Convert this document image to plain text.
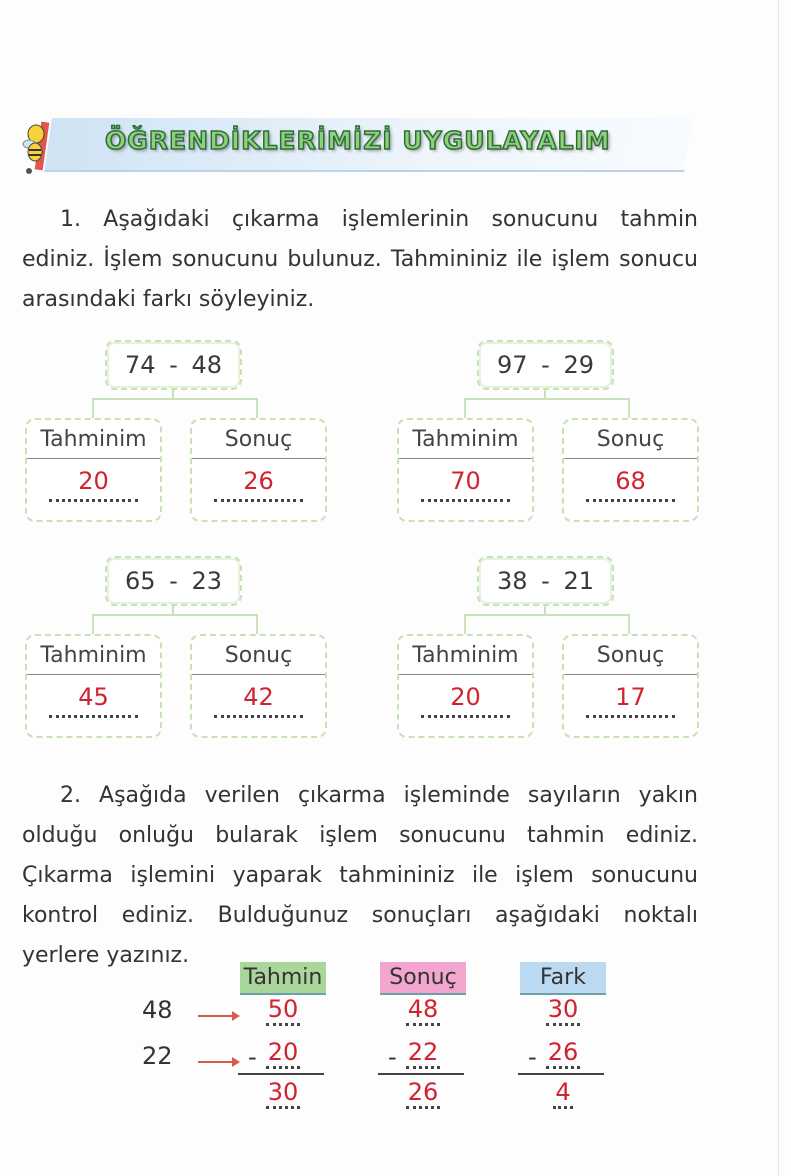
ÖĞRENDİKLERİMİZİ UYGULAYALIM
1. Aşağıdaki çıkarma işlemlerinin sonucunu tahmin ediniz. İşlem sonucunu bulunuz. Tahmininiz ile işlem sonucu arasındaki farkı söyleyiniz.
74 - 48
Tahminim
20
Sonuç
26
97 - 29
Tahminim
70
Sonuç
68
65 - 23
Tahminim
45
Sonuç
42
38 - 21
Tahminim
20
Sonuç
17
2. Aşağıda verilen çıkarma işleminde sayıların yakın olduğu onluğu bularak işlem sonucunu tahmin ediniz. Çıkarma işlemini yaparak tahmininiz ile işlem sonucunu kontrol ediniz. Bulduğunuz sonuçları aşağıdaki noktalı yerlere yazınız.
48
22
Tahmin
50
- 20
30
Sonuç
48
- 22
26
Fark
30
- 26
4
